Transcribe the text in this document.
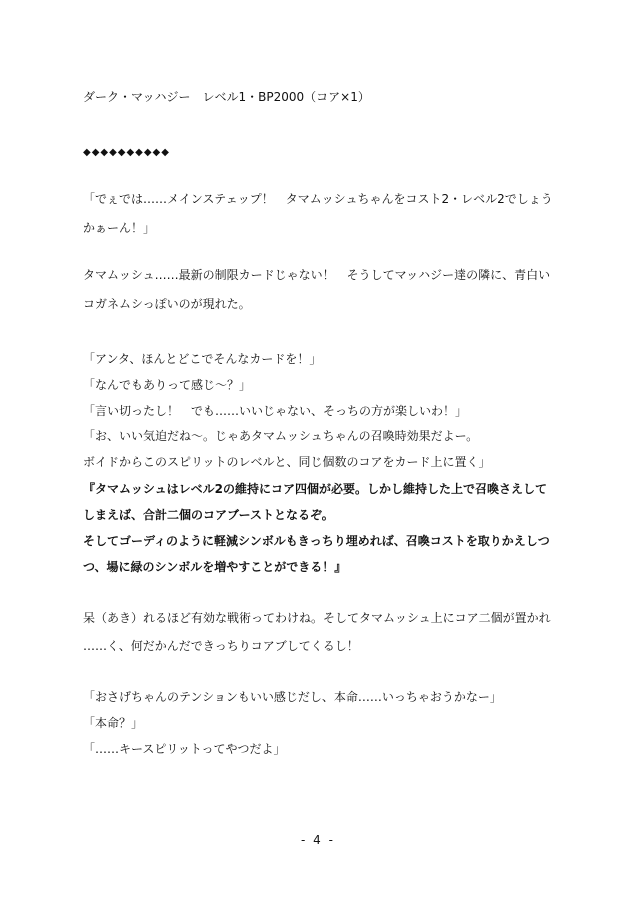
ダーク・マッハジー　レベル1・BP2000（コア×1）
◆◆◆◆◆◆◆◆◆◆
「でぇでは……メインステェップ！　タマムッシュちゃんをコスト2・レベル2でしょう
かぁーん！」
タマムッシュ……最新の制限カードじゃない！　そうしてマッハジー達の隣に、青白い
コガネムシっぽいのが現れた。
「アンタ、ほんとどこでそんなカードを！」
「なんでもありって感じ～？」
「言い切ったし！　でも……いいじゃない、そっちの方が楽しいわ！」
「お、いい気迫だね～。じゃあタマムッシュちゃんの召喚時効果だよー。
ボイドからこのスピリットのレベルと、同じ個数のコアをカード上に置く」
『タマムッシュはレベル2の維持にコア四個が必要。しかし維持した上で召喚さえして
しまえば、合計二個のコアブーストとなるぞ。
そしてゴーディのように軽減シンボルもきっちり埋めれば、召喚コストを取りかえしつ
つ、場に緑のシンボルを増やすことができる！』
呆（あき）れるほど有効な戦術ってわけね。そしてタマムッシュ上にコア二個が置かれ
……く、何だかんだできっちりコアブしてくるし！
「おさげちゃんのテンションもいい感じだし、本命……いっちゃおうかなー」
「本命？」
「……キースピリットってやつだよ」
- 4 -
